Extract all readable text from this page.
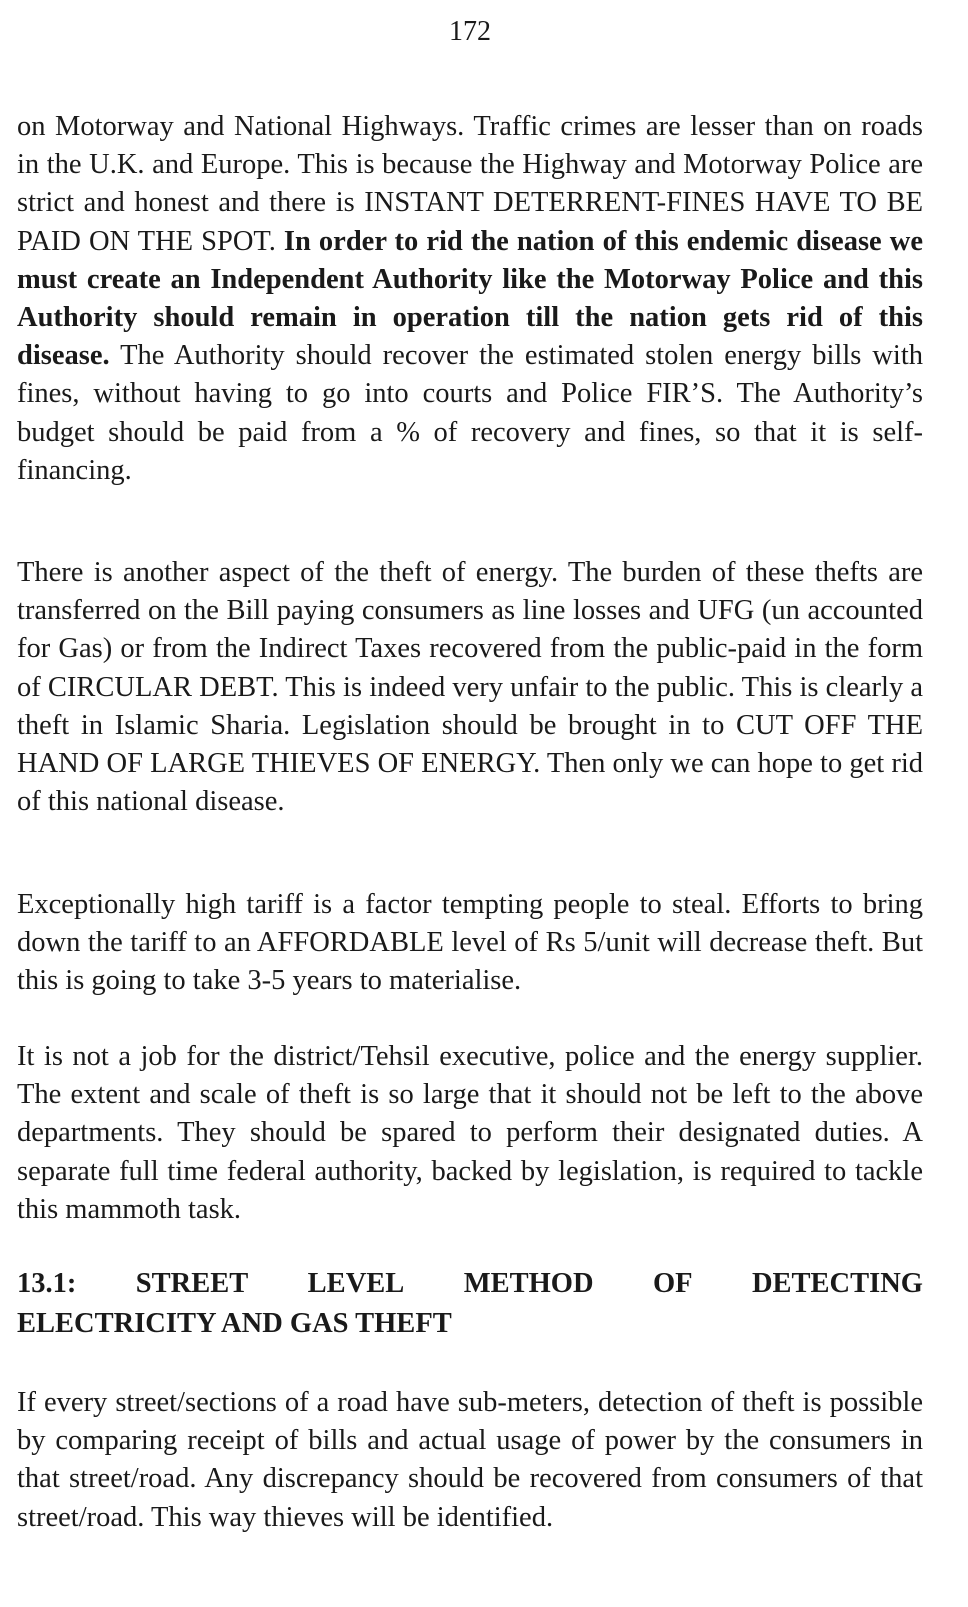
172

on Motorway and National Highways. Traffic crimes are lesser than on roads in the U.K. and Europe. This is because the Highway and Motorway Police are strict and honest and there is INSTANT DETERRENT-FINES HAVE TO BE PAID ON THE SPOT. In order to rid the nation of this endemic disease we must create an Independent Authority like the Motorway Police and this Authority should remain in operation till the nation gets rid of this disease. The Authority should recover the estimated stolen energy bills with fines, without having to go into courts and Police FIR’S. The Authority’s budget should be paid from a % of recovery and fines, so that it is self-financing.

There is another aspect of the theft of energy. The burden of these thefts are transferred on the Bill paying consumers as line losses and UFG (un accounted for Gas) or from the Indirect Taxes recovered from the public-paid in the form of CIRCULAR DEBT. This is indeed very unfair to the public. This is clearly a theft in Islamic Sharia. Legislation should be brought in to CUT OFF THE HAND OF LARGE THIEVES OF ENERGY. Then only we can hope to get rid of this national disease.

Exceptionally high tariff is a factor tempting people to steal. Efforts to bring down the tariff to an AFFORDABLE level of Rs 5/unit will decrease theft. But this is going to take 3-5 years to materialise.

It is not a job for the district/Tehsil executive, police and the energy supplier. The extent and scale of theft is so large that it should not be left to the above departments. They should be spared to perform their designated duties. A separate full time federal authority, backed by legislation, is required to tackle this mammoth task.

13.1: STREET LEVEL METHOD OF DETECTING
ELECTRICITY AND GAS THEFT

If every street/sections of a road have sub-meters, detection of theft is possible by comparing receipt of bills and actual usage of power by the consumers in that street/road. Any discrepancy should be recovered from consumers of that street/road. This way thieves will be identified.
